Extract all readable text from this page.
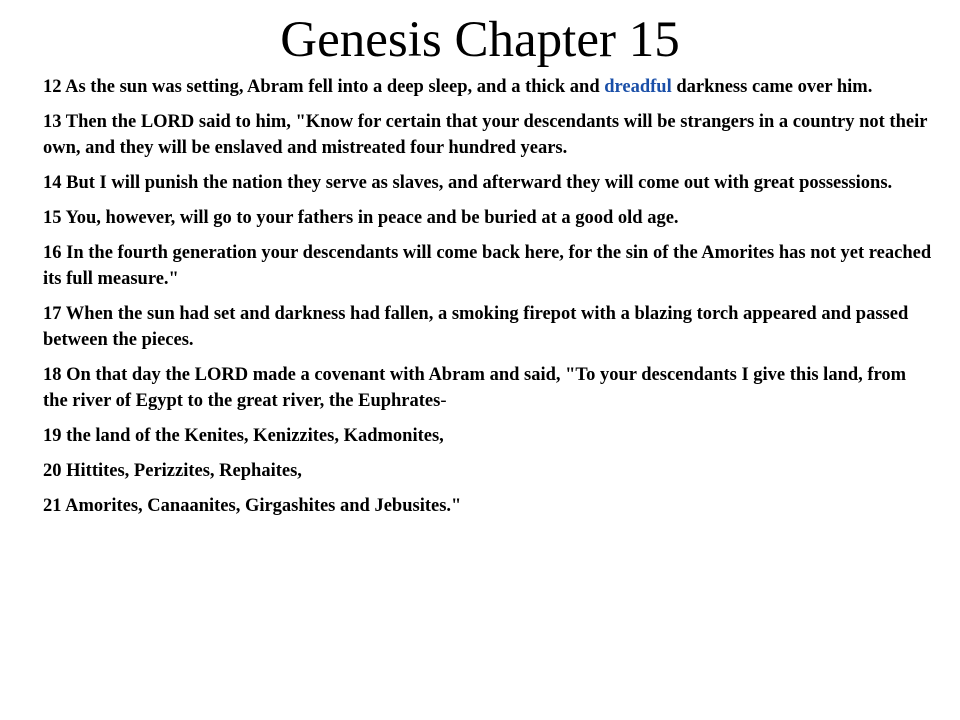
Genesis Chapter 15

12 As the sun was setting, Abram fell into a deep sleep, and a thick and dreadful darkness came over him.

13 Then the LORD said to him, "Know for certain that your descendants will be strangers in a country not their own, and they will be enslaved and mistreated four hundred years.

14 But I will punish the nation they serve as slaves, and afterward they will come out with great possessions.

15 You, however, will go to your fathers in peace and be buried at a good old age.

16 In the fourth generation your descendants will come back here, for the sin of the Amorites has not yet reached its full measure."

17 When the sun had set and darkness had fallen, a smoking firepot with a blazing torch appeared and passed between the pieces.

18 On that day the LORD made a covenant with Abram and said, "To your descendants I give this land, from the river of Egypt to the great river, the Euphrates-

19 the land of the Kenites, Kenizzites, Kadmonites,

20 Hittites, Perizzites, Rephaites,

21 Amorites, Canaanites, Girgashites and Jebusites."
